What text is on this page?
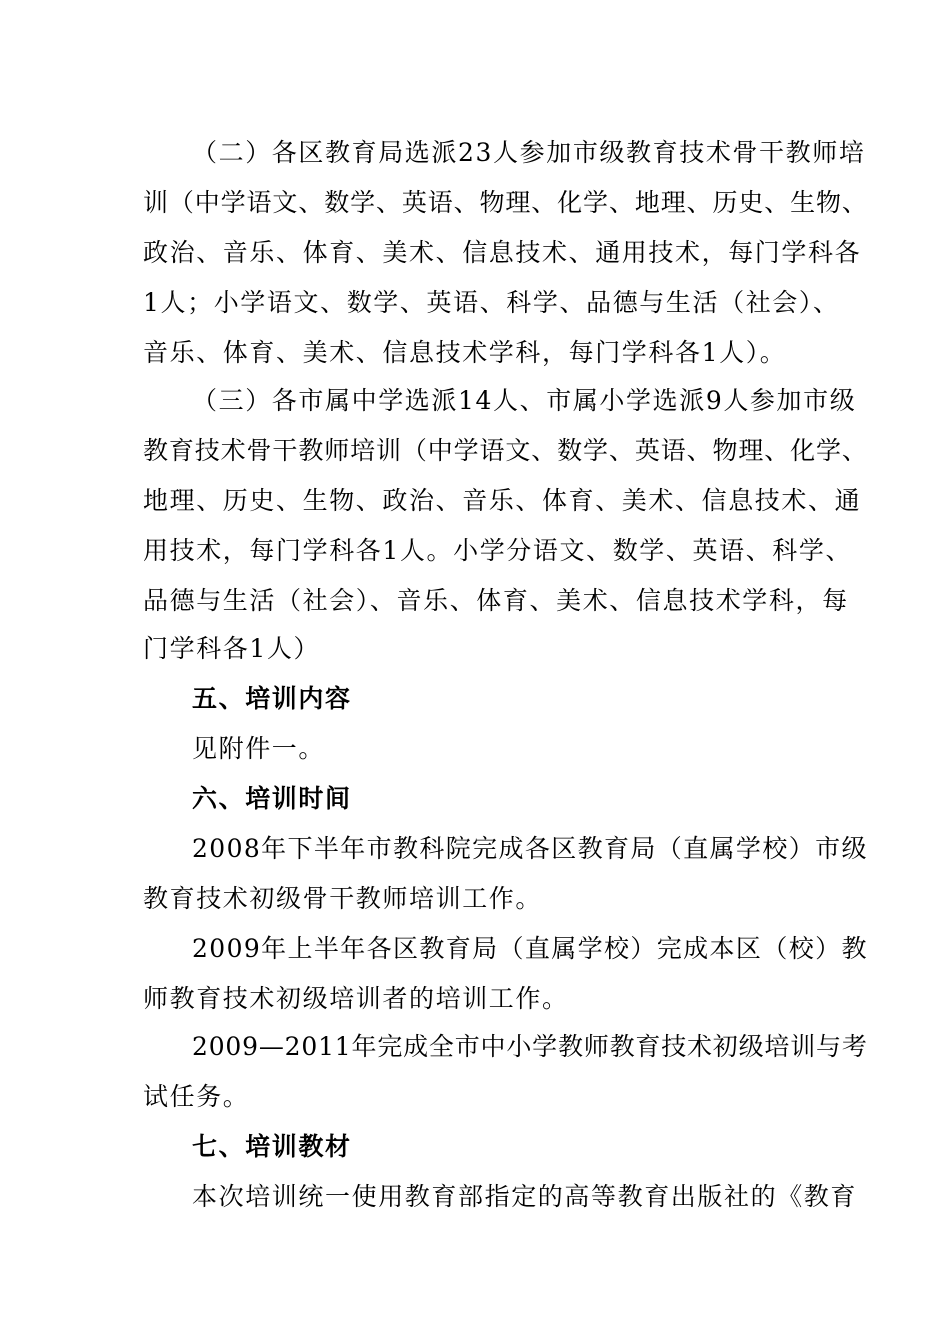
（二）各区教育局选派23人参加市级教育技术骨干教师培
训（中学语文、数学、英语、物理、化学、地理、历史、生物、
政治、音乐、体育、美术、信息技术、通用技术，每门学科各
1人；小学语文、数学、英语、科学、品德与生活（社会）、
音乐、体育、美术、信息技术学科，每门学科各1人）。
（三）各市属中学选派14人、市属小学选派9人参加市级
教育技术骨干教师培训（中学语文、数学、英语、物理、化学、
地理、历史、生物、政治、音乐、体育、美术、信息技术、通
用技术，每门学科各1人。小学分语文、数学、英语、科学、
品德与生活（社会）、音乐、体育、美术、信息技术学科，每
门学科各1人）
五、培训内容
见附件一。
六、培训时间
2008年下半年市教科院完成各区教育局（直属学校）市级
教育技术初级骨干教师培训工作。
2009年上半年各区教育局（直属学校）完成本区（校）教
师教育技术初级培训者的培训工作。
2009—2011年完成全市中小学教师教育技术初级培训与考
试任务。
七、培训教材
本次培训统一使用教育部指定的高等教育出版社的《教育
